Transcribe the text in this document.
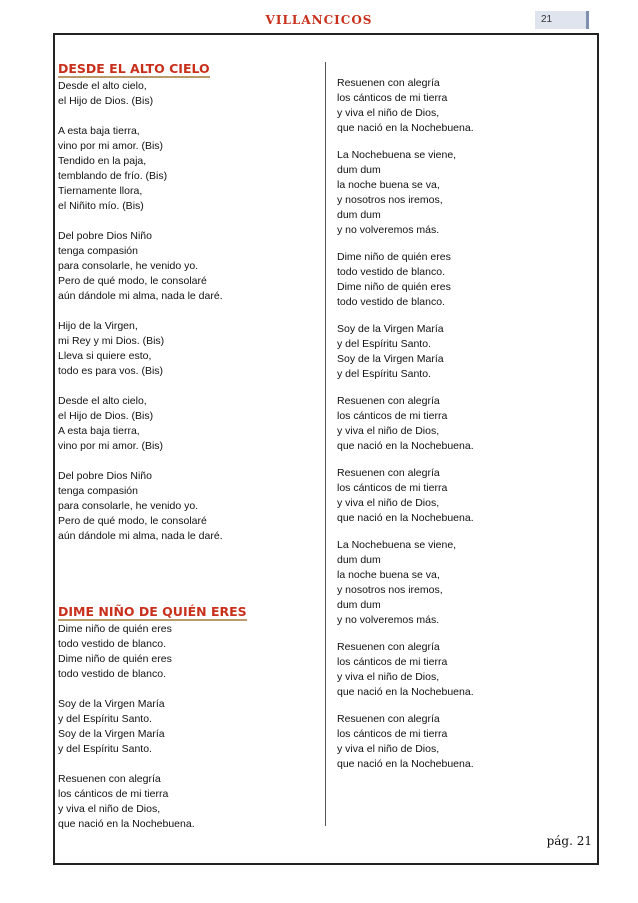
VILLANCICOS	21
DESDE EL ALTO CIELO
Desde el alto cielo,
el Hijo de Dios. (Bis)
A esta baja tierra,
vino por mi amor. (Bis)
Tendido en la paja,
temblando de frío. (Bis)
Tiernamente llora,
el Niñito mío. (Bis)
Del pobre Dios Niño
tenga compasión
para consolarle, he venido yo.
Pero de qué modo, le consolaré
aún dándole mi alma, nada le daré.
Hijo de la Virgen,
mi Rey y mi Dios. (Bis)
Lleva si quiere esto,
todo es para vos. (Bis)
Desde el alto cielo,
el Hijo de Dios. (Bis)
A esta baja tierra,
vino por mi amor. (Bis)
Del pobre Dios Niño
tenga compasión
para consolarle, he venido yo.
Pero de qué modo, le consolaré
aún dándole mi alma, nada le daré.
DIME NIÑO DE QUIÉN ERES
Dime niño de quién eres
todo vestido de blanco.
Dime niño de quién eres
todo vestido de blanco.
Soy de la Virgen María
y del Espíritu Santo.
Soy de la Virgen María
y del Espíritu Santo.
Resuenen con alegría
los cánticos de mi tierra
y viva el niño de Dios,
que nació en la Nochebuena.
Resuenen con alegría
los cánticos de mi tierra
y viva el niño de Dios,
que nació en la Nochebuena.
La Nochebuena se viene,
dum dum
la noche buena se va,
y nosotros nos iremos,
dum dum
y no volveremos más.
Dime niño de quién eres
todo vestido de blanco.
Dime niño de quién eres
todo vestido de blanco.
Soy de la Virgen María
y del Espíritu Santo.
Soy de la Virgen María
y del Espíritu Santo.
Resuenen con alegría
los cánticos de mi tierra
y viva el niño de Dios,
que nació en la Nochebuena.
Resuenen con alegría
los cánticos de mi tierra
y viva el niño de Dios,
que nació en la Nochebuena.
La Nochebuena se viene,
dum dum
la noche buena se va,
y nosotros nos iremos,
dum dum
y no volveremos más.
Resuenen con alegría
los cánticos de mi tierra
y viva el niño de Dios,
que nació en la Nochebuena.
Resuenen con alegría
los cánticos de mi tierra
y viva el niño de Dios,
que nació en la Nochebuena.
pág. 21
